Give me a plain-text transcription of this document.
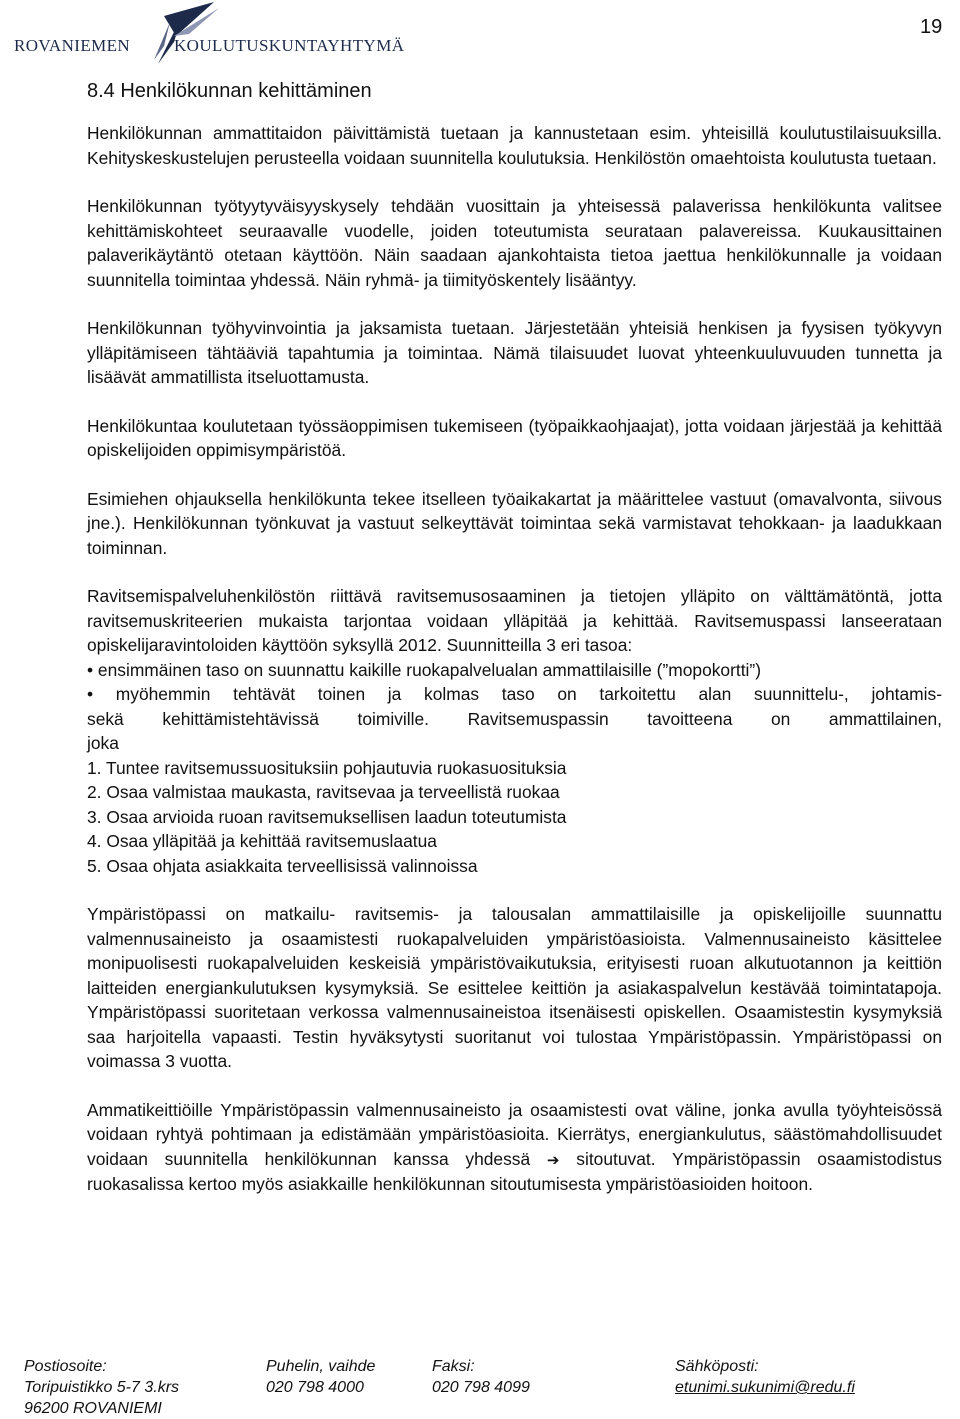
ROVANIEMEN	KOULUTUSKUNTAYHTYMÄ
19
8.4 Henkilökunnan kehittäminen

Henkilökunnan ammattitaidon päivittämistä tuetaan ja kannustetaan esim. yhteisillä koulutustilaisuuksilla. Kehityskeskustelujen perusteella voidaan suunnitella koulutuksia. Henkilöstön omaehtoista koulutusta tuetaan.

Henkilökunnan työtyytyväisyyskysely tehdään vuosittain ja yhteisessä palaverissa henkilökunta valitsee kehittämiskohteet seuraavalle vuodelle, joiden toteutumista seurataan palavereissa. Kuukausittainen palaverikäytäntö otetaan käyttöön. Näin saadaan ajankohtaista tietoa jaettua henkilökunnalle ja voidaan suunnitella toimintaa yhdessä. Näin ryhmä- ja tiimityöskentely lisääntyy.

Henkilökunnan työhyvinvointia ja jaksamista tuetaan. Järjestetään yhteisiä henkisen ja fyysisen työkyvyn ylläpitämiseen tähtääviä tapahtumia ja toimintaa. Nämä tilaisuudet luovat yhteenkuuluvuuden tunnetta ja lisäävät ammatillista itseluottamusta.

Henkilökuntaa koulutetaan työssäoppimisen tukemiseen (työpaikkaohjaajat), jotta voidaan järjestää ja kehittää opiskelijoiden oppimisympäristöä.

Esimiehen ohjauksella henkilökunta tekee itselleen työaikakartat ja määrittelee vastuut (omavalvonta, siivous jne.). Henkilökunnan työnkuvat ja vastuut selkeyttävät toimintaa sekä varmistavat tehokkaan- ja laadukkaan toiminnan.

Ravitsemispalveluhenkilöstön riittävä ravitsemusosaaminen ja tietojen ylläpito on välttämätöntä, jotta ravitsemuskriteerien mukaista tarjontaa voidaan ylläpitää ja kehittää. Ravitsemuspassi lanseerataan opiskelijaravintoloiden käyttöön syksyllä 2012. Suunnitteilla 3 eri tasoa:

• ensimmäinen taso on suunnattu kaikille ruokapalvelualan ammattilaisille (”mopokortti”)
• myöhemmin tehtävät toinen ja kolmas taso on tarkoitettu alan suunnittelu-, johtamis-
sekä kehittämistehtävissä toimiville. Ravitsemuspassin tavoitteena on ammattilainen,
joka
1. Tuntee ravitsemussuosituksiin pohjautuvia ruokasuosituksia
2. Osaa valmistaa maukasta, ravitsevaa ja terveellistä ruokaa
3. Osaa arvioida ruoan ravitsemuksellisen laadun toteutumista
4. Osaa ylläpitää ja kehittää ravitsemuslaatua
5. Osaa ohjata asiakkaita terveellisissä valinnoissa

Ympäristöpassi on matkailu- ravitsemis- ja talousalan ammattilaisille ja opiskelijoille suunnattu valmennusaineisto ja osaamistesti ruokapalveluiden ympäristöasioista. Valmennusaineisto käsittelee monipuolisesti ruokapalveluiden keskeisiä ympäristövaikutuksia, erityisesti ruoan alkutuotannon ja keittiön laitteiden energiankulutuksen kysymyksiä. Se esittelee keittiön ja asiakaspalvelun kestävää toimintatapoja. Ympäristöpassi suoritetaan verkossa valmennusaineistoa itsenäisesti opiskellen. Osaamistestin kysymyksiä saa harjoitella vapaasti. Testin hyväksytysti suoritanut voi tulostaa Ympäristöpassin. Ympäristöpassi on voimassa 3 vuotta.

Ammatikeittiöille Ympäristöpassin valmennusaineisto ja osaamistesti ovat väline, jonka avulla työyhteisössä voidaan ryhtyä pohtimaan ja edistämään ympäristöasioita. Kierrätys, energiankulutus, säästömahdollisuudet voidaan suunnitella henkilökunnan kanssa yhdessä ➔ sitoutuvat. Ympäristöpassin osaamistodistus ruokasalissa kertoo myös asiakkaille henkilökunnan sitoutumisesta ympäristöasioiden hoitoon.

Postiosoite:
Toripuistikko 5-7 3.krs
96200 ROVANIEMI
Puhelin, vaihde
020 798 4000
Faksi:
020 798 4099
Sähköposti:
etunimi.sukunimi@redu.fi
